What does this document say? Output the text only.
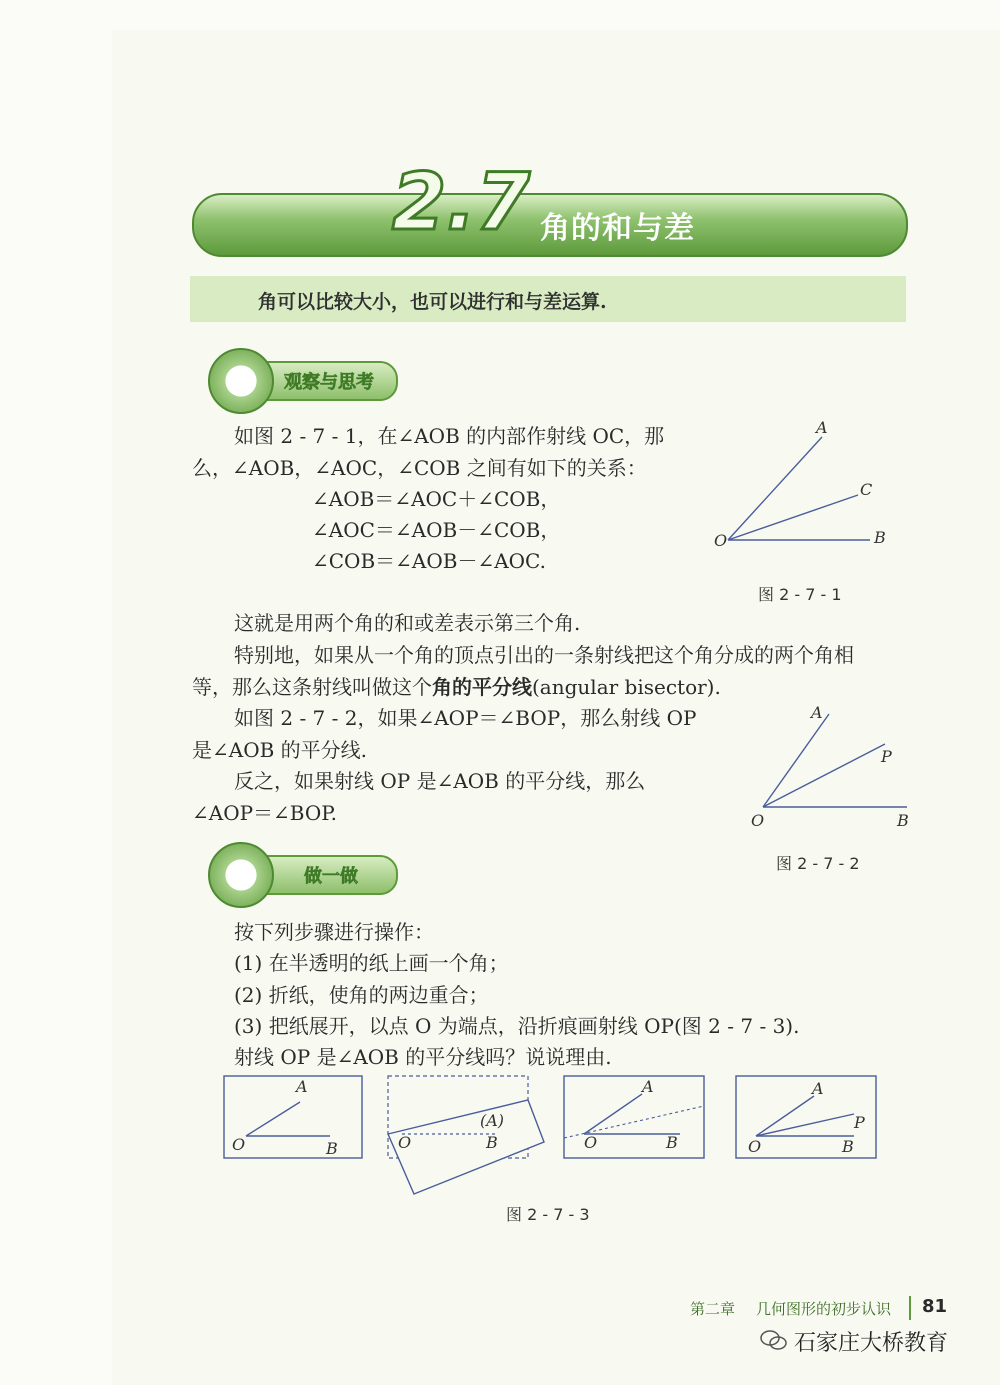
2.7 角的和与差
角可以比较大小，也可以进行和与差运算.
观察与思考
如图 2 - 7 - 1，在∠AOB 的内部作射线 OC，那
么，∠AOB，∠AOC，∠COB 之间有如下的关系：
∠AOB＝∠AOC＋∠COB，
∠AOC＝∠AOB－∠COB，
∠COB＝∠AOB－∠AOC.
这就是用两个角的和或差表示第三个角.
特别地，如果从一个角的顶点引出的一条射线把这个角分成的两个角相
等，那么这条射线叫做这个角的平分线(angular bisector).
如图 2 - 7 - 2，如果∠AOP＝∠BOP，那么射线 OP
是∠AOB 的平分线.
反之，如果射线 OP 是∠AOB 的平分线，那么
∠AOP＝∠BOP.
A
C
O	B
图 2 - 7 - 1
A
P
O	B
图 2 - 7 - 2
做一做
按下列步骤进行操作：
(1) 在半透明的纸上画一个角；
(2) 折纸，使角的两边重合；
(3) 把纸展开，以点 O 为端点，沿折痕画射线 OP(图 2 - 7 - 3).
射线 OP 是∠AOB 的平分线吗？说说理由.
A
O	B
(A)
O	B
A
O	B
A
P
O	B
图 2 - 7 - 3
第二章 几何图形的初步认识 81
石家庄大桥教育
